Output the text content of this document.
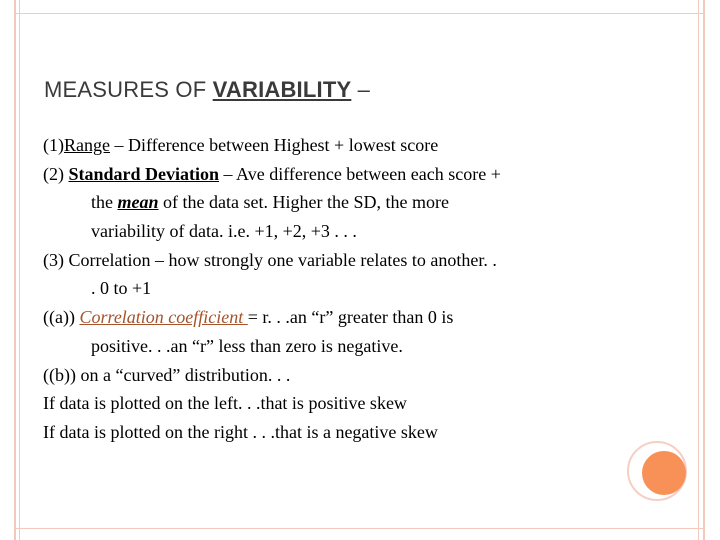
MEASURES OF VARIABILITY –
(1)Range – Difference between Highest + lowest score
(2) Standard Deviation – Ave difference between each score +
the mean of the data set. Higher the SD, the more
variability of data. i.e. +1, +2, +3 . . .
(3) Correlation – how strongly one variable relates to another. .
. 0 to +1
((a)) Correlation coefficient = r. . .an “r” greater than 0 is
positive. . .an “r” less than zero is negative.
((b)) on a “curved” distribution. . .
If data is plotted on the left. . .that is positive skew
If data is plotted on the right . . .that is a negative skew
